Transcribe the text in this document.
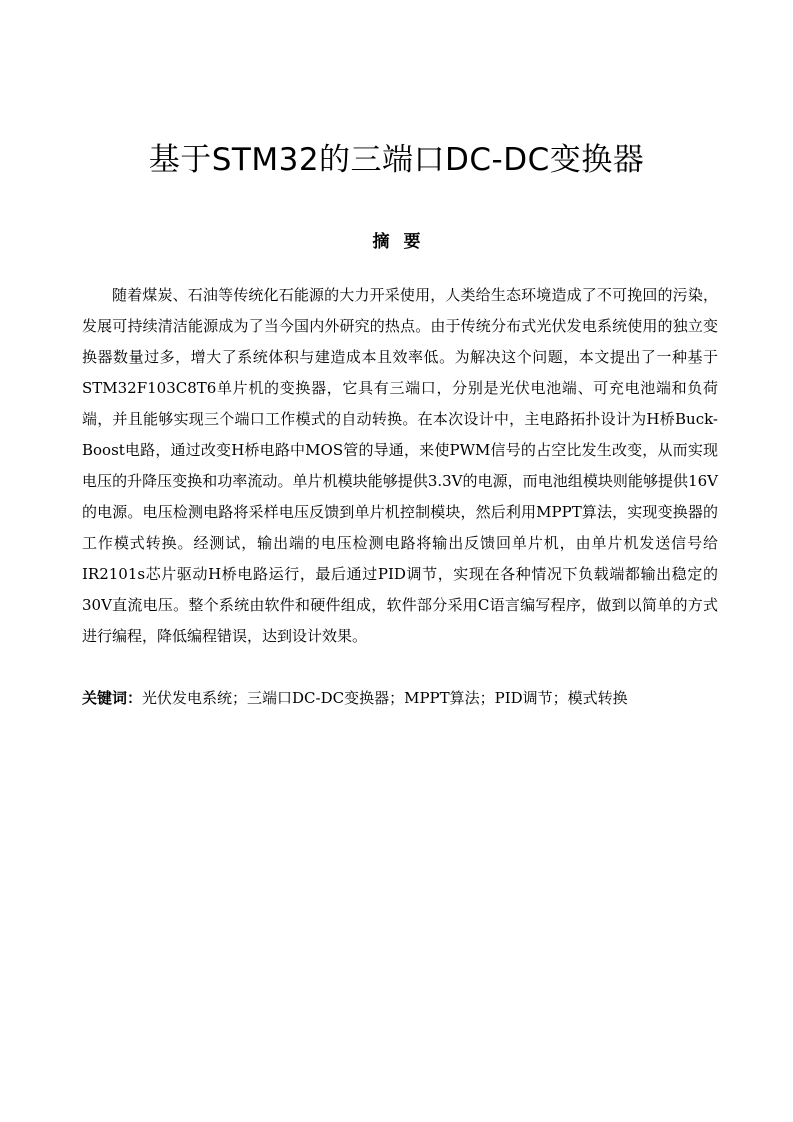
基于STM32的三端口DC-DC变换器
摘要

随着煤炭、石油等传统化石能源的大力开采使用，人类给生态环境造成了不可挽回的污染，发展可持续清洁能源成为了当今国内外研究的热点。由于传统分布式光伏发电系统使用的独立变换器数量过多，增大了系统体积与建造成本且效率低。为解决这个问题，本文提出了一种基于STM32F103C8T6单片机的变换器，它具有三端口，分别是光伏电池端、可充电池端和负荷端，并且能够实现三个端口工作模式的自动转换。在本次设计中，主电路拓扑设计为H桥Buck-Boost电路，通过改变H桥电路中MOS管的导通，来使PWM信号的占空比发生改变，从而实现电压的升降压变换和功率流动。单片机模块能够提供3.3V的电源，而电池组模块则能够提供16V的电源。电压检测电路将采样电压反馈到单片机控制模块，然后利用MPPT算法，实现变换器的工作模式转换。经测试，输出端的电压检测电路将输出反馈回单片机，由单片机发送信号给IR2101s芯片驱动H桥电路运行，最后通过PID调节，实现在各种情况下负载端都输出稳定的30V直流电压。整个系统由软件和硬件组成，软件部分采用C语言编写程序，做到以简单的方式进行编程，降低编程错误，达到设计效果。

关键词：光伏发电系统；三端口DC-DC变换器；MPPT算法；PID调节；模式转换
